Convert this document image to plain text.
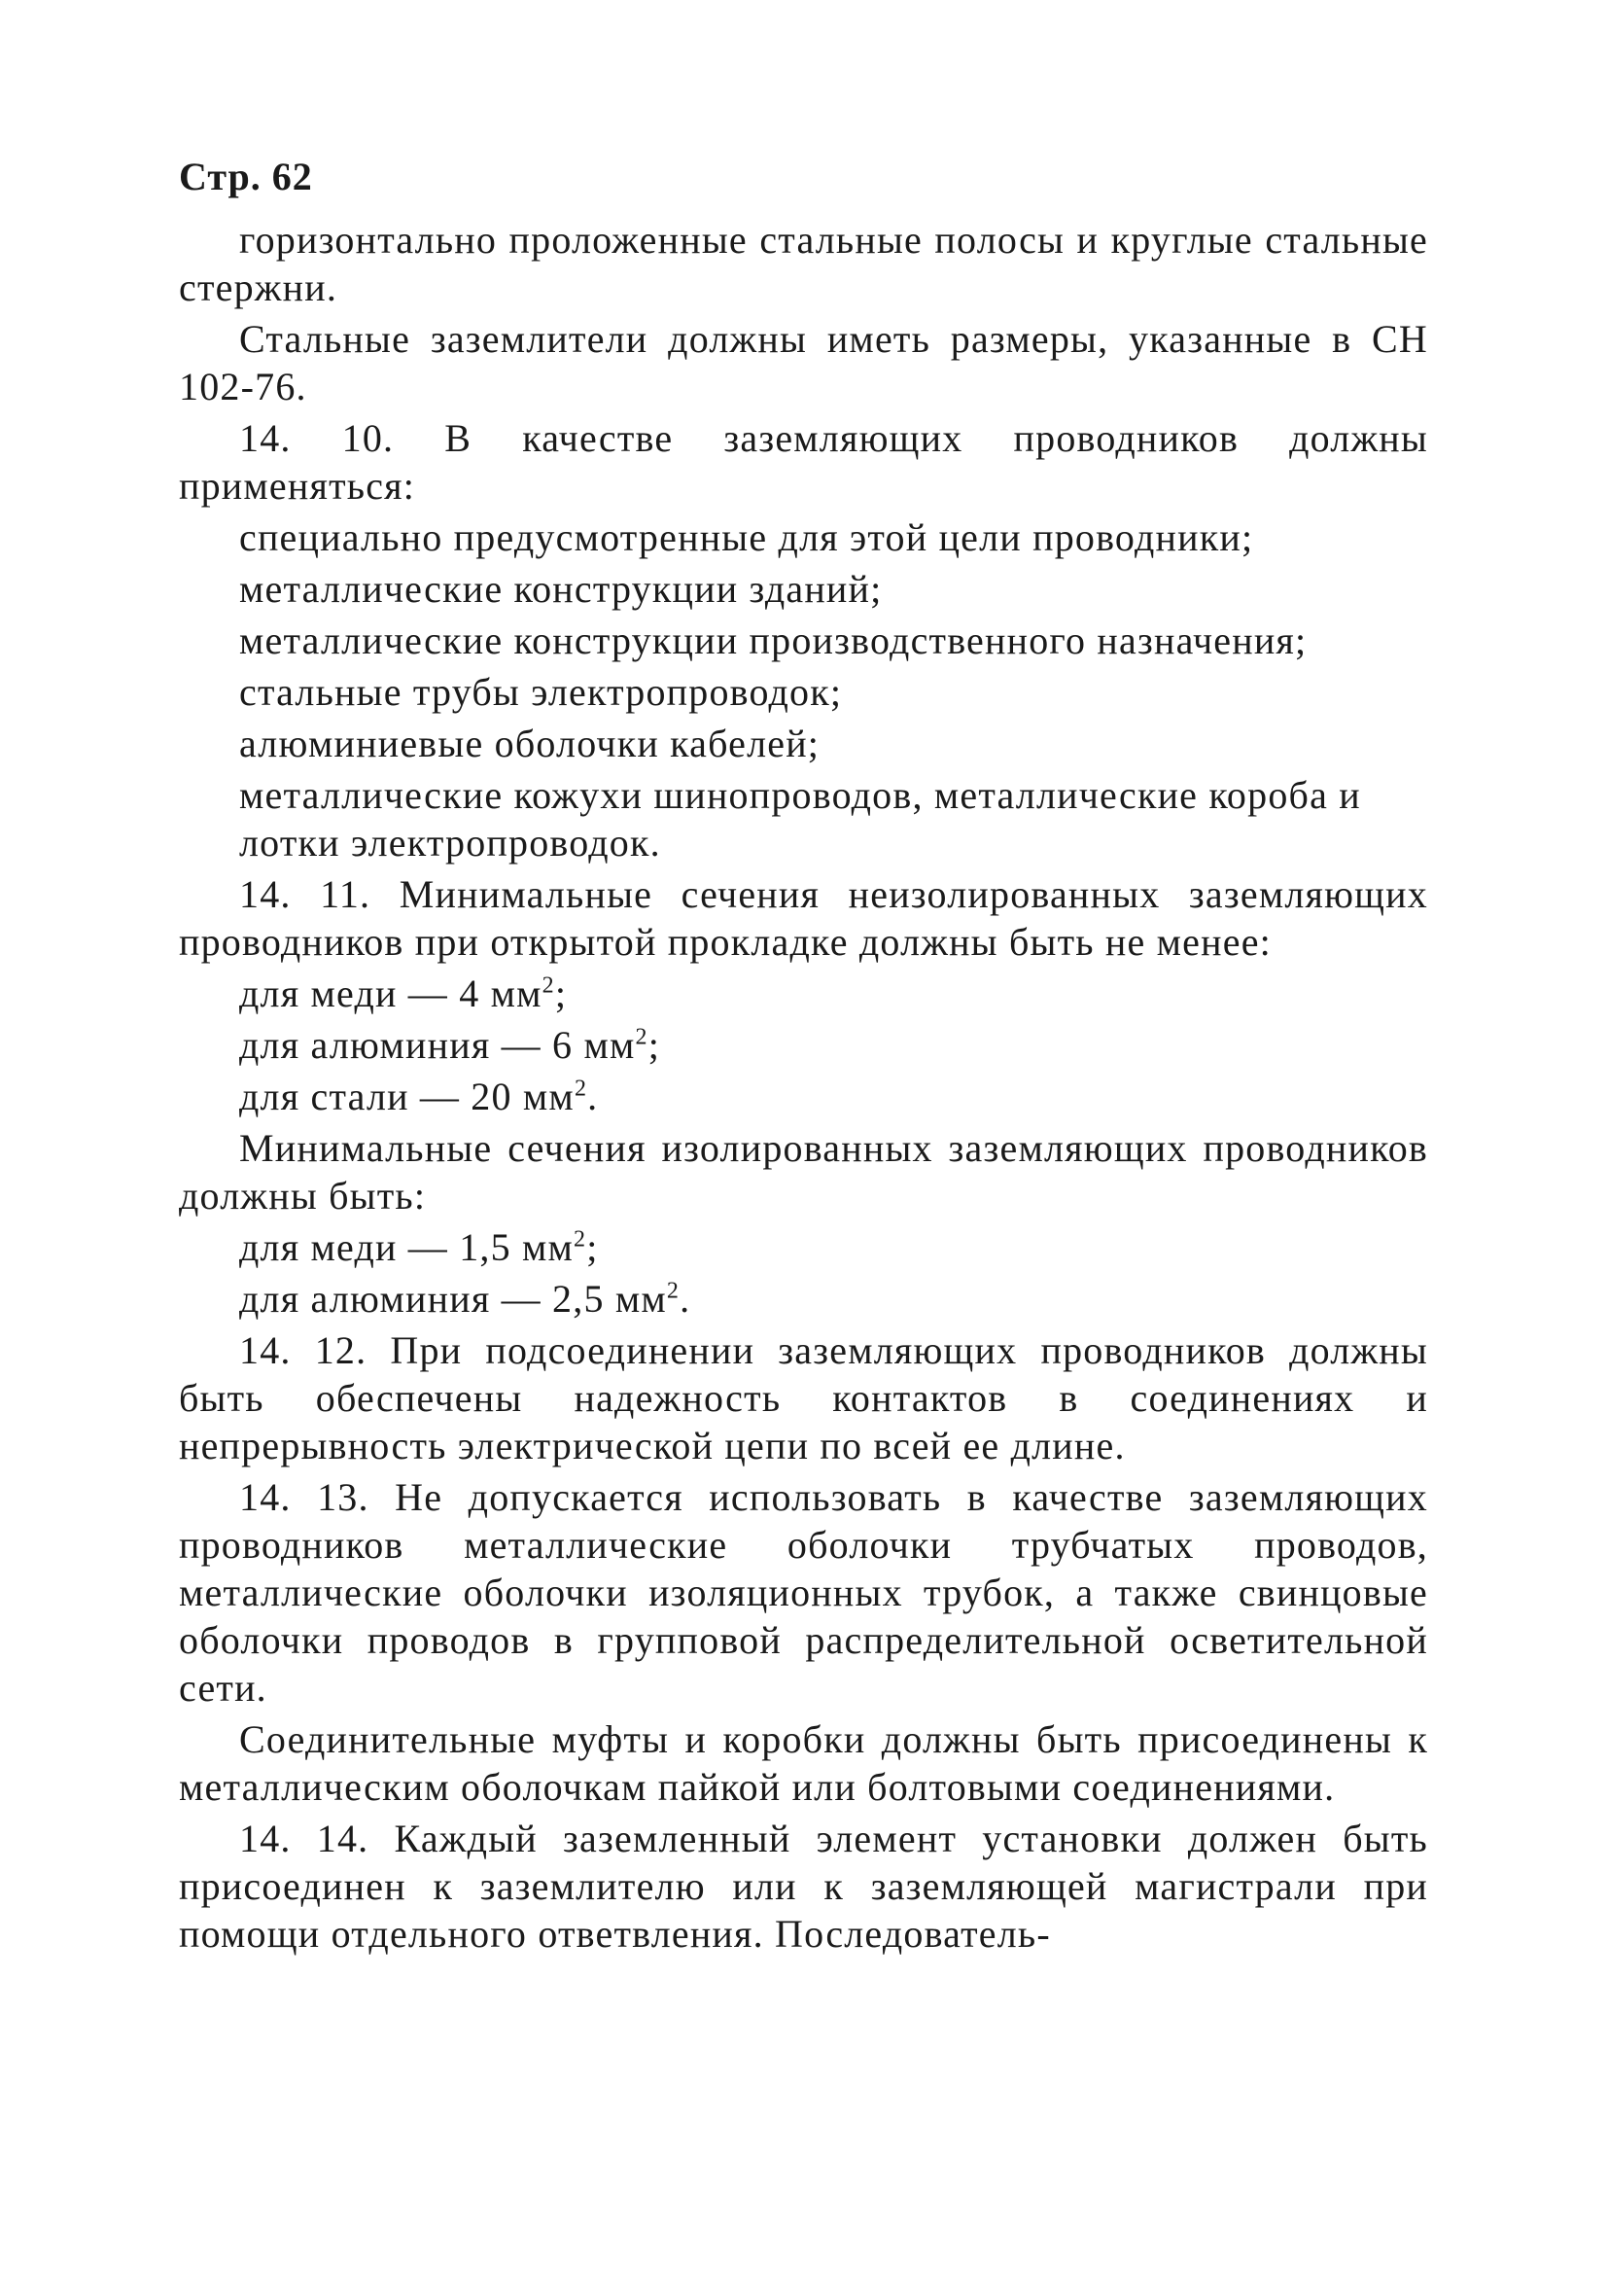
Стр. 62

горизонтально проложенные стальные полосы и круглые стальные стержни.

Стальные заземлители должны иметь размеры, указанные в СН 102-76.

14. 10. В качестве заземляющих проводников должны применяться:

специально предусмотренные для этой цели проводники;
металлические конструкции зданий;
металлические конструкции производственного назначения;
стальные трубы электропроводок;
алюминиевые оболочки кабелей;
металлические кожухи шинопроводов, металлические короба и лотки электропроводок.

14. 11. Минимальные сечения неизолированных заземляющих проводников при открытой прокладке должны быть не менее:

для меди — 4 $мм^2$;
для алюминия — 6 $мм^2$;
для стали — 20 $мм^2$.

Минимальные сечения изолированных заземляющих проводников должны быть:

для меди — 1,5 $мм^2$;
для алюминия — 2,5 $мм^2$.

14. 12. При подсоединении заземляющих проводников должны быть обеспечены надежность контактов в соединениях и непрерывность электрической цепи по всей ее длине.

14. 13. Не допускается использовать в качестве заземляющих проводников металлические оболочки трубчатых проводов, металлические оболочки изоляционных трубок, а также свинцовые оболочки проводов в групповой распределительной осветительной сети.

Соединительные муфты и коробки должны быть присоединены к металлическим оболочкам пайкой или болтовыми соединениями.

14. 14. Каждый заземленный элемент установки должен быть присоединен к заземлителю или к заземляющей магистрали при помощи отдельного ответвления. Последователь-
